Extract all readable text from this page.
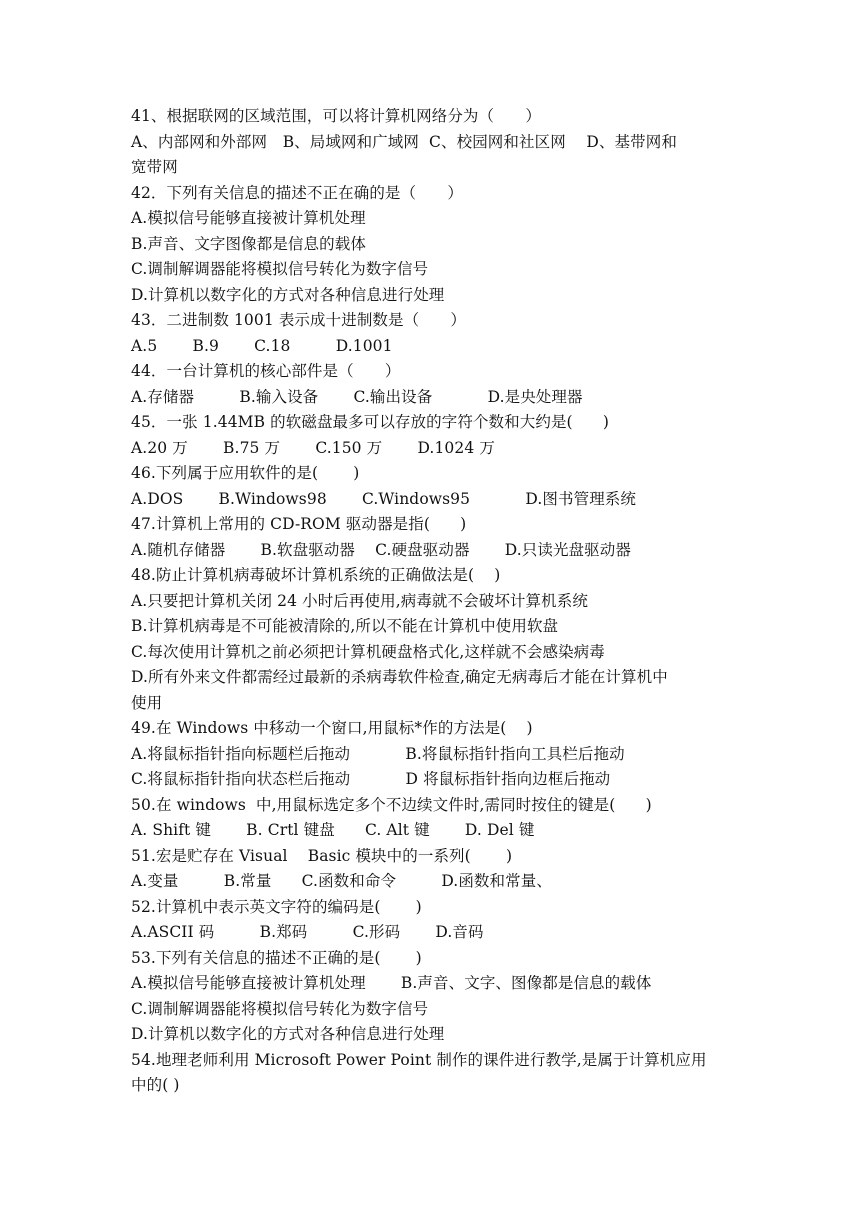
41、根据联网的区域范围，可以将计算机网络分为（　　）
A、内部网和外部网　B、局域网和广域网  C、校园网和社区网　 D、基带网和
宽带网
42．下列有关信息的描述不正在确的是（　　）
A.模拟信号能够直接被计算机处理
B.声音、文字图像都是信息的载体
C.调制解调器能将模拟信号转化为数字信号
D.计算机以数字化的方式对各种信息进行处理
43．二进制数 1001 表示成十进制数是（　　）
A.5       B.9       C.18         D.1001
44．一台计算机的核心部件是（　　）
A.存储器         B.输入设备       C.输出设备           D.是央处理器
45．一张 1.44MB 的软磁盘最多可以存放的字符个数和大约是(      )
A.20 万       B.75 万       C.150 万       D.1024 万
46.下列属于应用软件的是(       )
A.DOS       B.Windows98       C.Windows95           D.图书管理系统
47.计算机上常用的 CD-ROM 驱动器是指(      )
A.随机存储器       B.软盘驱动器    C.硬盘驱动器       D.只读光盘驱动器
48.防止计算机病毒破坏计算机系统的正确做法是(    )
A.只要把计算机关闭 24 小时后再使用,病毒就不会破坏计算机系统
B.计算机病毒是不可能被清除的,所以不能在计算机中使用软盘
C.每次使用计算机之前必须把计算机硬盘格式化,这样就不会感染病毒
D.所有外来文件都需经过最新的杀病毒软件检查,确定无病毒后才能在计算机中
使用
49.在 Windows 中移动一个窗口,用鼠标*作的方法是(    )
A.将鼠标指针指向标题栏后拖动           B.将鼠标指针指向工具栏后拖动
C.将鼠标指针指向状态栏后拖动           D 将鼠标指针指向边框后拖动
50.在 windows  中,用鼠标选定多个不边续文件时,需同时按住的键是(      )
A. Shift 键       B. Crtl 键盘      C. Alt 键       D. Del 键
51.宏是贮存在 Visual    Basic 模块中的一系列(       )
A.变量         B.常量      C.函数和命令         D.函数和常量、
52.计算机中表示英文字符的编码是(       )
A.ASCII 码         B.郑码         C.形码       D.音码
53.下列有关信息的描述不正确的是(       )
A.模拟信号能够直接被计算机处理       B.声音、文字、图像都是信息的载体
C.调制解调器能将模拟信号转化为数字信号
D.计算机以数字化的方式对各种信息进行处理
54.地理老师利用 Microsoft Power Point 制作的课件进行教学,是属于计算机应用
中的( )
